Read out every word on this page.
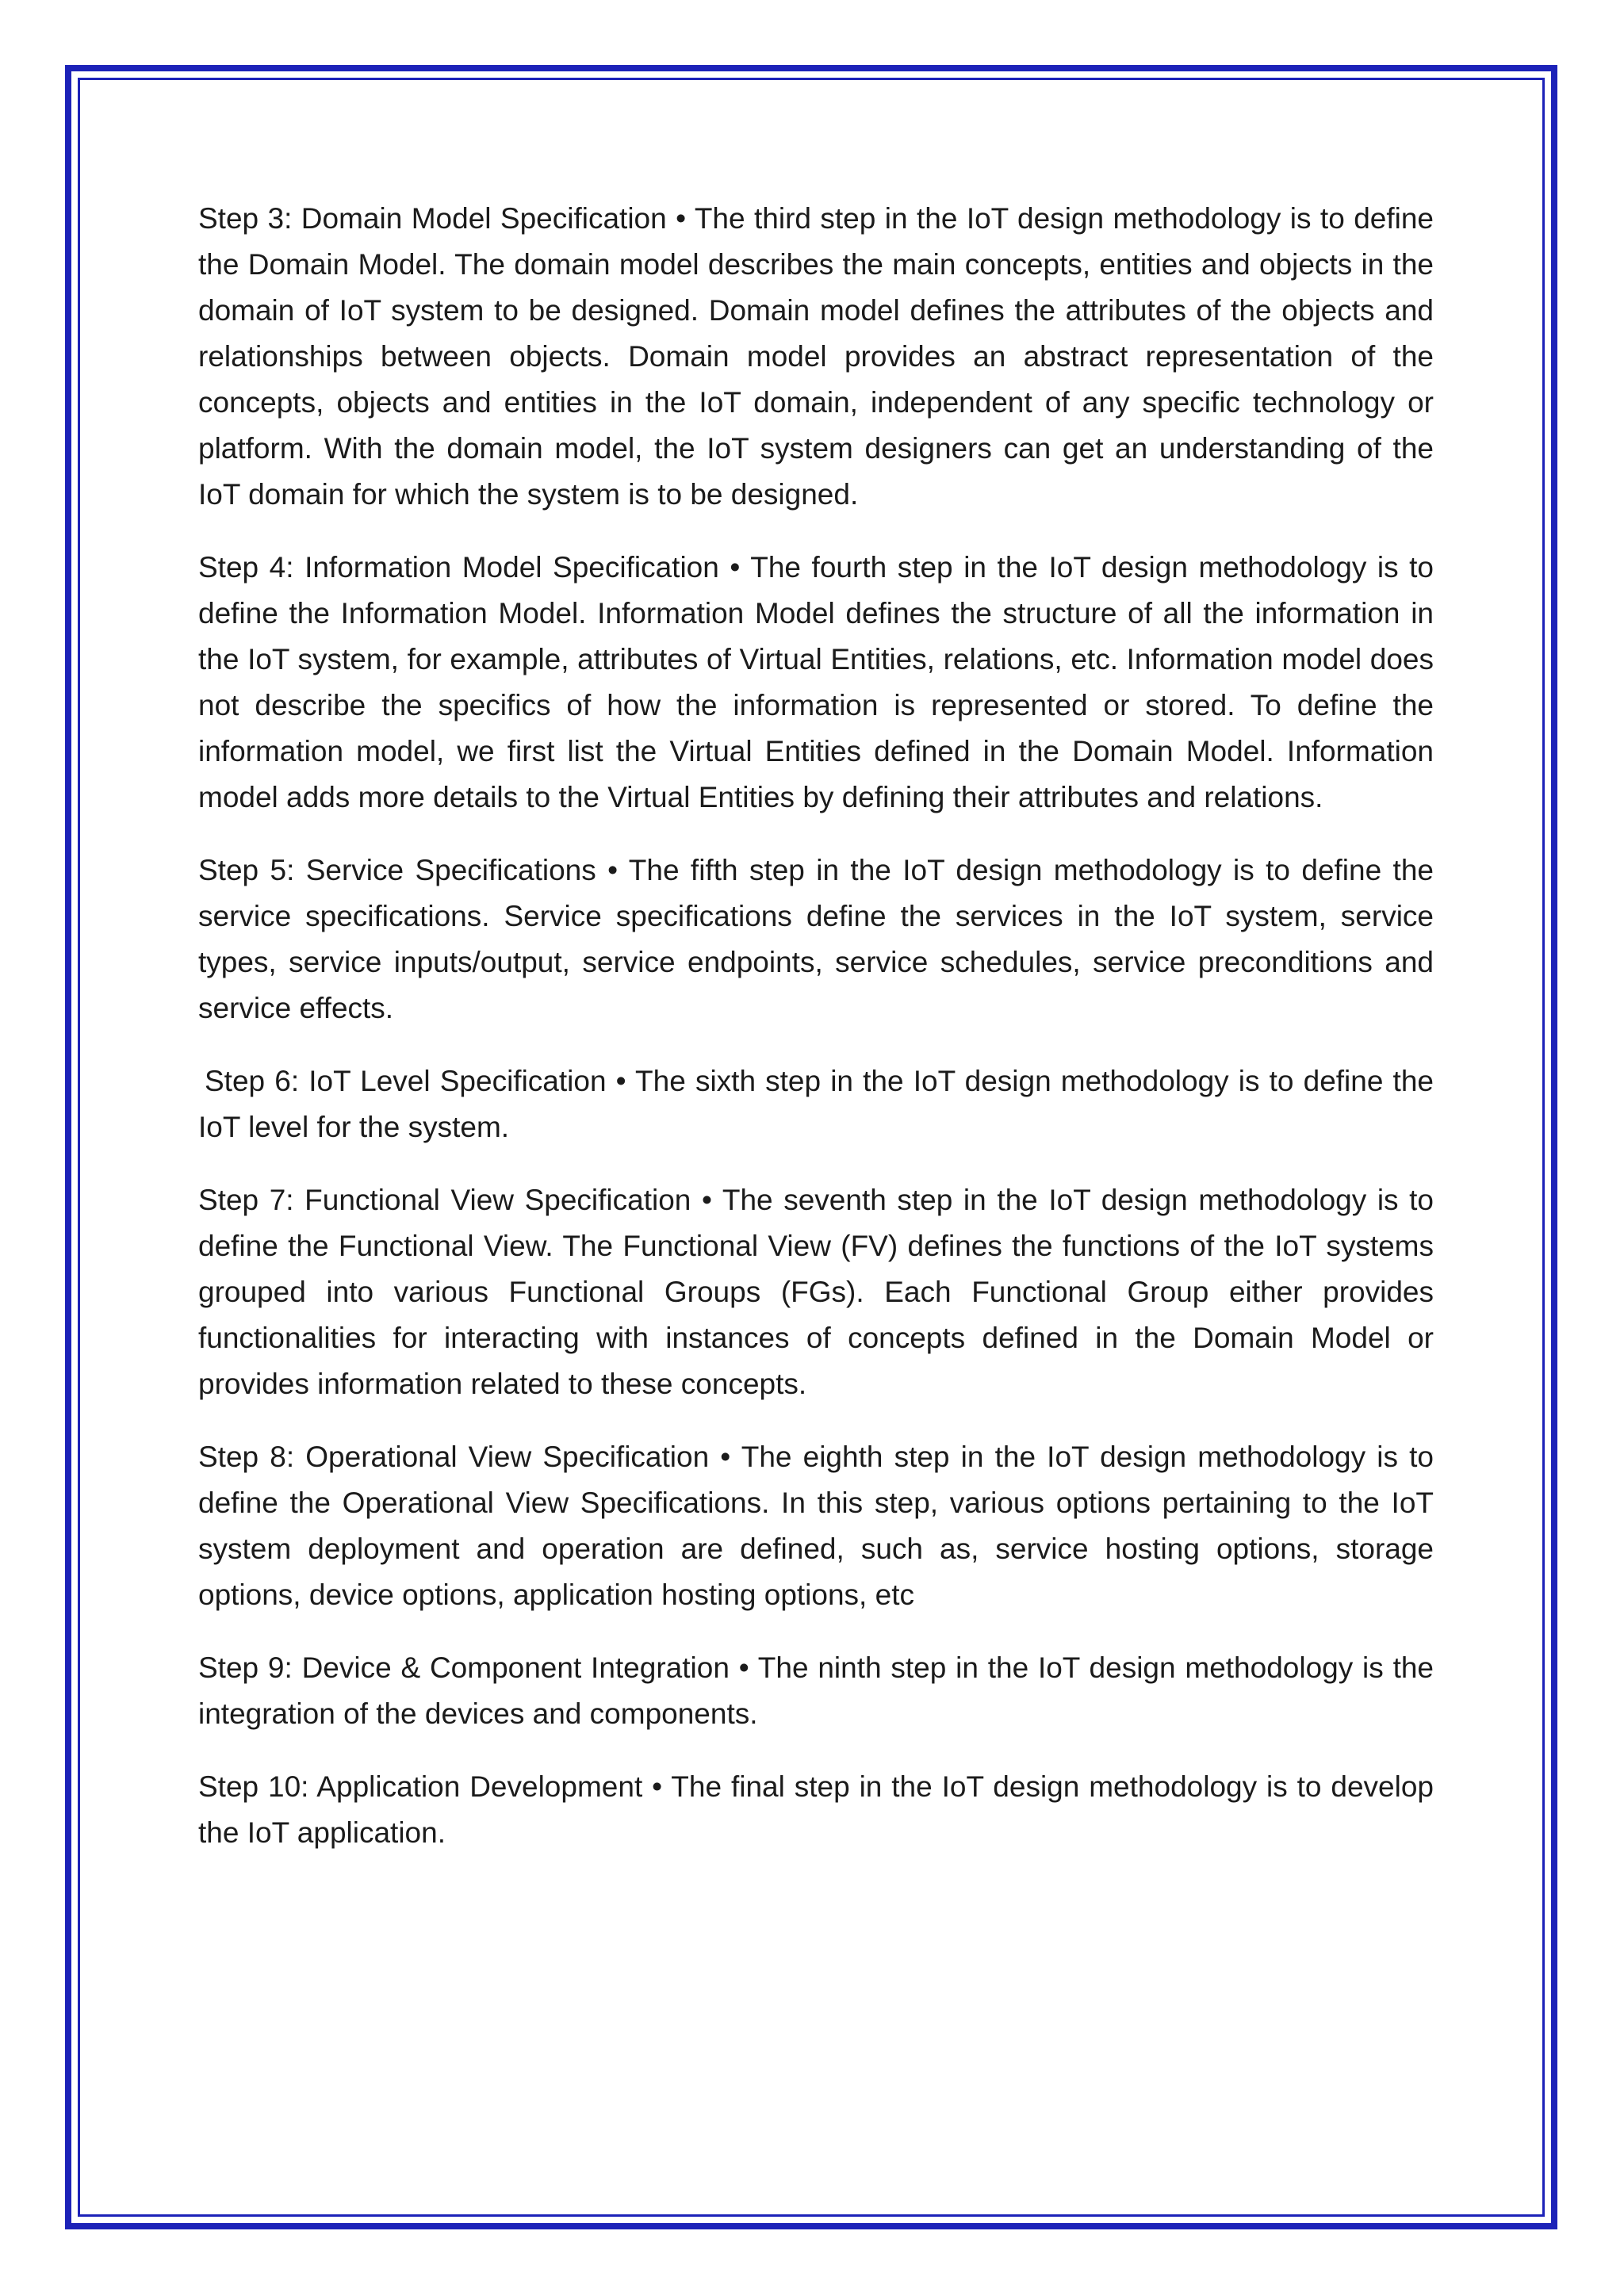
Step 3: Domain Model Specification • The third step in the IoT design methodology is to define the Domain Model. The domain model describes the main concepts, entities and objects in the domain of IoT system to be designed. Domain model defines the attributes of the objects and relationships between objects. Domain model provides an abstract representation of the concepts, objects and entities in the IoT domain, independent of any specific technology or platform. With the domain model, the IoT system designers can get an understanding of the IoT domain for which the system is to be designed.

Step 4: Information Model Specification • The fourth step in the IoT design methodology is to define the Information Model. Information Model defines the structure of all the information in the IoT system, for example, attributes of Virtual Entities, relations, etc. Information model does not describe the specifics of how the information is represented or stored. To define the information model, we first list the Virtual Entities defined in the Domain Model. Information model adds more details to the Virtual Entities by defining their attributes and relations.

Step 5: Service Specifications • The fifth step in the IoT design methodology is to define the service specifications. Service specifications define the services in the IoT system, service types, service inputs/output, service endpoints, service schedules, service preconditions and service effects.

Step 6: IoT Level Specification • The sixth step in the IoT design methodology is to define the IoT level for the system.

Step 7: Functional View Specification • The seventh step in the IoT design methodology is to define the Functional View. The Functional View (FV) defines the functions of the IoT systems grouped into various Functional Groups (FGs). Each Functional Group either provides functionalities for interacting with instances of concepts defined in the Domain Model or provides information related to these concepts.

Step 8: Operational View Specification • The eighth step in the IoT design methodology is to define the Operational View Specifications. In this step, various options pertaining to the IoT system deployment and operation are defined, such as, service hosting options, storage options, device options, application hosting options, etc

Step 9: Device & Component Integration • The ninth step in the IoT design methodology is the integration of the devices and components.

Step 10: Application Development • The final step in the IoT design methodology is to develop the IoT application.
